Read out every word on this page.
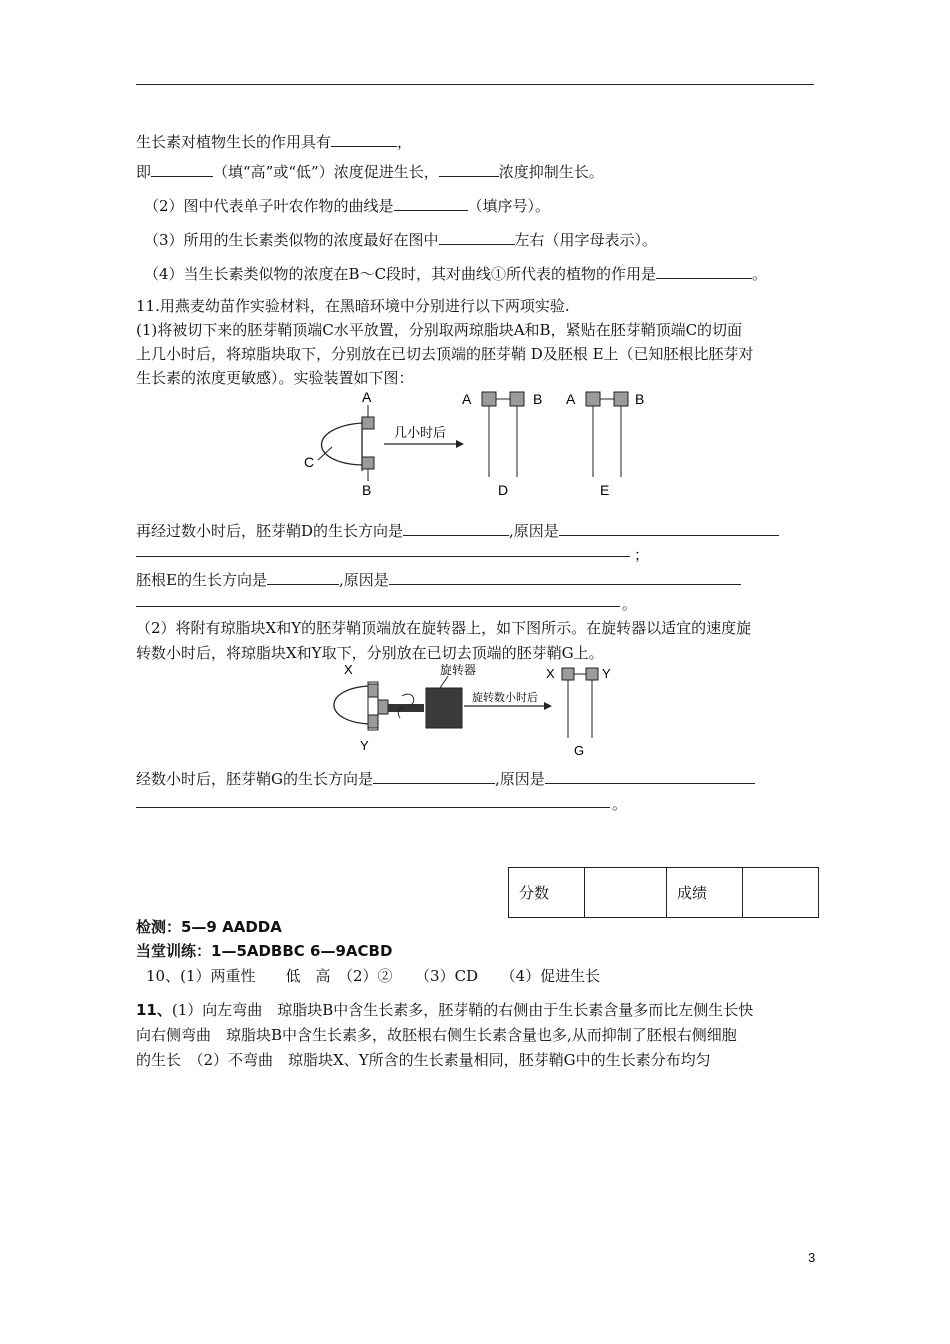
生长素对植物生长的作用具有	，
即	（填“高”或“低”）浓度促进生长，	浓度抑制生长。
（2）图中代表单子叶农作物的曲线是	（填序号）。
（3）所用的生长素类似物的浓度最好在图中	左右（用字母表示）。
（4）当生长素类似物的浓度在B～C段时，其对曲线①所代表的植物的作用是	。
11.用燕麦幼苗作实验材料，在黑暗环境中分别进行以下两项实验.
(1)将被切下来的胚芽鞘顶端C水平放置，分别取两琼脂块A和B，紧贴在胚芽鞘顶端C的切面
上几小时后，将琼脂块取下，分别放在已切去顶端的胚芽鞘 D及胚根 E上（已知胚根比胚芽对
生长素的浓度更敏感）。实验装置如下图：
A
B
C
几小时后
A	B
D
A	B
E
再经过数小时后，胚芽鞘D的生长方向是	,原因是
；
胚根E的生长方向是	,原因是
。
（2）将附有琼脂块X和Y的胚芽鞘顶端放在旋转器上，如下图所示。在旋转器以适宜的速度旋
转数小时后，将琼脂块X和Y取下，分别放在已切去顶端的胚芽鞘G上。
X
Y
旋转器
旋转数小时后
X	Y
G
经数小时后，胚芽鞘G的生长方向是	,原因是
。
分数		成绩	
检测：5—9 AADDA
当堂训练：1—5ADBBC 6—9ACBD
10、(1）两重性　　低　高　（2）②　　（3）CD　　（4）促进生长
11、(1）向左弯曲　琼脂块B中含生长素多，胚芽鞘的右侧由于生长素含量多而比左侧生长快
向右侧弯曲　琼脂块B中含生长素多，故胚根右侧生长素含量也多,从而抑制了胚根右侧细胞
的生长　（2）不弯曲　琼脂块X、Y所含的生长素量相同，胚芽鞘G中的生长素分布均匀
3
